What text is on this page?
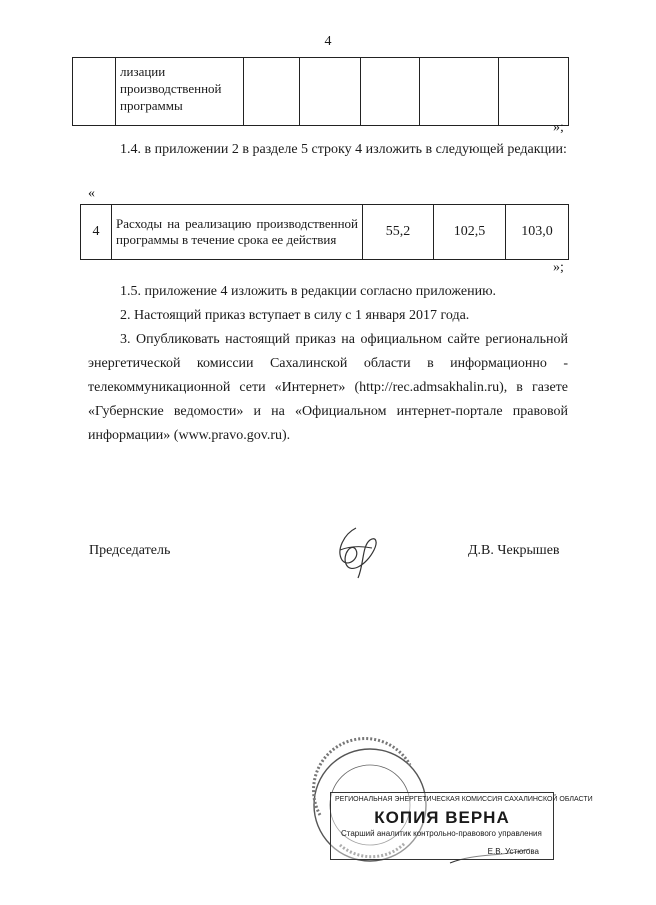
4
	лизации производственной программы					
»;
1.4. в приложении 2 в разделе 5 строку 4 изложить в следующей редакции:
«
4	Расходы на реализацию производственной программы в течение срока ее действия	55,2	102,5	103,0
»;
1.5. приложение 4 изложить в редакции согласно приложению.
2. Настоящий приказ вступает в силу с 1 января 2017 года.
3. Опубликовать настоящий приказ на официальном сайте региональной энергетической комиссии Сахалинской области в информационно - телекоммуникационной сети «Интернет» (http://rec.admsakhalin.ru), в газете «Губернские ведомости» и на «Официальном интернет-портале правовой информации» (www.pravo.gov.ru).
Председатель	Д.В. Чекрышев
РЕГИОНАЛЬНАЯ ЭНЕРГЕТИЧЕСКАЯ КОМИССИЯ САХАЛИНСКОЙ ОБЛАСТИ
КОПИЯ ВЕРНА
Старший аналитик контрольно-правового управления
Е.В. Устюгова
